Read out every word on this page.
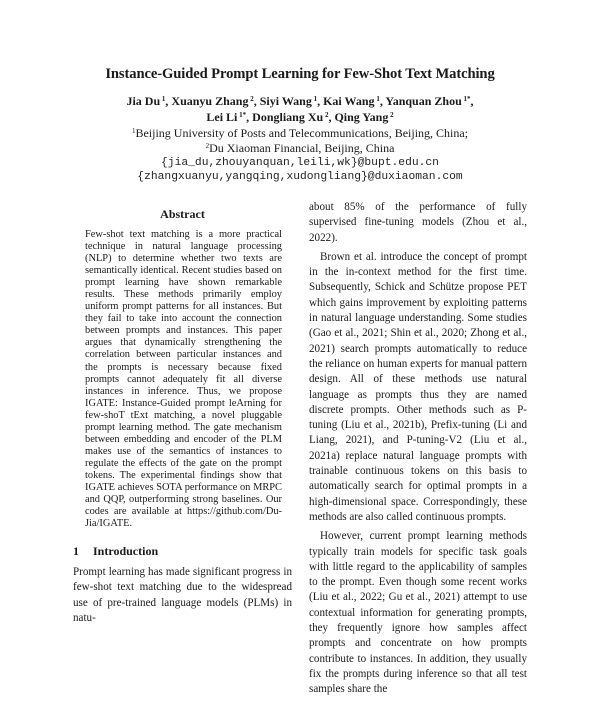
Instance-Guided Prompt Learning for Few-Shot Text Matching
Jia Du $^1$, Xuanyu Zhang $^2$, Siyi Wang $^1$, Kai Wang $^1$, Yanquan Zhou $^{1*}$,
Lei Li $^{1*}$, Dongliang Xu $^2$, Qing Yang $^2$
$^1$Beijing University of Posts and Telecommunications, Beijing, China;
$^2$Du Xiaoman Financial, Beijing, China
{jia_du,zhouyanquan,leili,wk}@bupt.edu.cn
{zhangxuanyu,yangqing,xudongliang}@duxiaoman.com
Abstract

Few-shot text matching is a more practical technique in natural language processing (NLP) to determine whether two texts are semantically identical. Recent studies based on prompt learning have shown remarkable results. These methods primarily employ uniform prompt patterns for all instances. But they fail to take into account the connection between prompts and instances. This paper argues that dynamically strengthening the correlation between particular instances and the prompts is necessary because fixed prompts cannot adequately fit all diverse instances in inference. Thus, we propose IGATE: Instance-Guided prompt leArning for few-shoT tExt matching, a novel pluggable prompt learning method. The gate mechanism between embedding and encoder of the PLM makes use of the semantics of instances to regulate the effects of the gate on the prompt tokens. The experimental findings show that IGATE achieves SOTA performance on MRPC and QQP, outperforming strong baselines. Our codes are available at https://github.com/Du-Jia/IGATE.

1 Introduction

Prompt learning has made significant progress in few-shot text matching due to the widespread use of pre-trained language models (PLMs) in natu-

about 85% of the performance of fully supervised fine-tuning models (Zhou et al., 2022).

Brown et al. introduce the concept of prompt in the in-context method for the first time. Subsequently, Schick and Schütze propose PET which gains improvement by exploiting patterns in natural language understanding. Some studies (Gao et al., 2021; Shin et al., 2020; Zhong et al., 2021) search prompts automatically to reduce the reliance on human experts for manual pattern design. All of these methods use natural language as prompts thus they are named discrete prompts. Other methods such as P-tuning (Liu et al., 2021b), Prefix-tuning (Li and Liang, 2021), and P-tuning-V2 (Liu et al., 2021a) replace natural language prompts with trainable continuous tokens on this basis to automatically search for optimal prompts in a high-dimensional space. Correspondingly, these methods are also called continuous prompts.

However, current prompt learning methods typically train models for specific task goals with little regard to the applicability of samples to the prompt. Even though some recent works (Liu et al., 2022; Gu et al., 2021) attempt to use contextual information for generating prompts, they frequently ignore how samples affect prompts and concentrate on how prompts contribute to instances. In addition, they usually fix the prompts during inference so that all test samples share the
